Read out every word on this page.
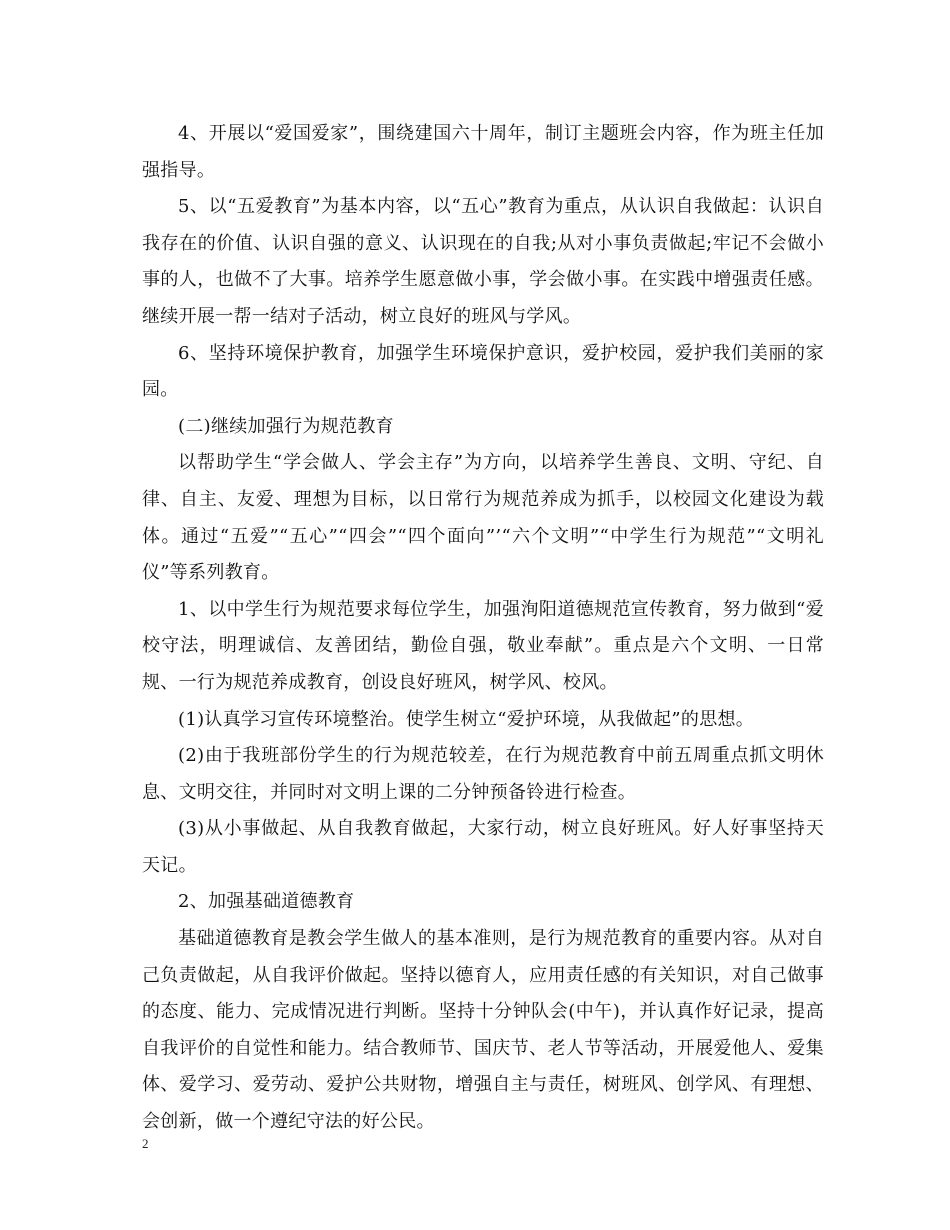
4、开展以“爱国爱家”，围绕建国六十周年，制订主题班会内容，作为班主任加强指导。

5、以“五爱教育”为基本内容，以“五心”教育为重点，从认识自我做起：认识自我存在的价值、认识自强的意义、认识现在的自我;从对小事负责做起;牢记不会做小事的人，也做不了大事。培养学生愿意做小事，学会做小事。在实践中增强责任感。继续开展一帮一结对子活动，树立良好的班风与学风。

6、坚持环境保护教育，加强学生环境保护意识，爱护校园，爱护我们美丽的家园。

(二)继续加强行为规范教育

以帮助学生“学会做人、学会主存”为方向，以培养学生善良、文明、守纪、自律、自主、友爱、理想为目标，以日常行为规范养成为抓手，以校园文化建设为载体。通过“五爱”“五心”“四会”“四个面向”’“六个文明”“中学生行为规范”“文明礼仪”等系列教育。

1、以中学生行为规范要求每位学生，加强洵阳道德规范宣传教育，努力做到“爱校守法，明理诚信、友善团结，勤俭自强，敬业奉献”。重点是六个文明、一日常规、一行为规范养成教育，创设良好班风，树学风、校风。

(1)认真学习宣传环境整治。使学生树立“爱护环境，从我做起”的思想。

(2)由于我班部份学生的行为规范较差，在行为规范教育中前五周重点抓文明休息、文明交往，并同时对文明上课的二分钟预备铃进行检查。

(3)从小事做起、从自我教育做起，大家行动，树立良好班风。好人好事坚持天天记。

2、加强基础道德教育

基础道德教育是教会学生做人的基本准则，是行为规范教育的重要内容。从对自己负责做起，从自我评价做起。坚持以德育人，应用责任感的有关知识，对自己做事的态度、能力、完成情况进行判断。坚持十分钟队会(中午)，并认真作好记录，提高自我评价的自觉性和能力。结合教师节、国庆节、老人节等活动，开展爱他人、爱集体、爱学习、爱劳动、爱护公共财物，增强自主与责任，树班风、创学风、有理想、会创新，做一个遵纪守法的好公民。

2
